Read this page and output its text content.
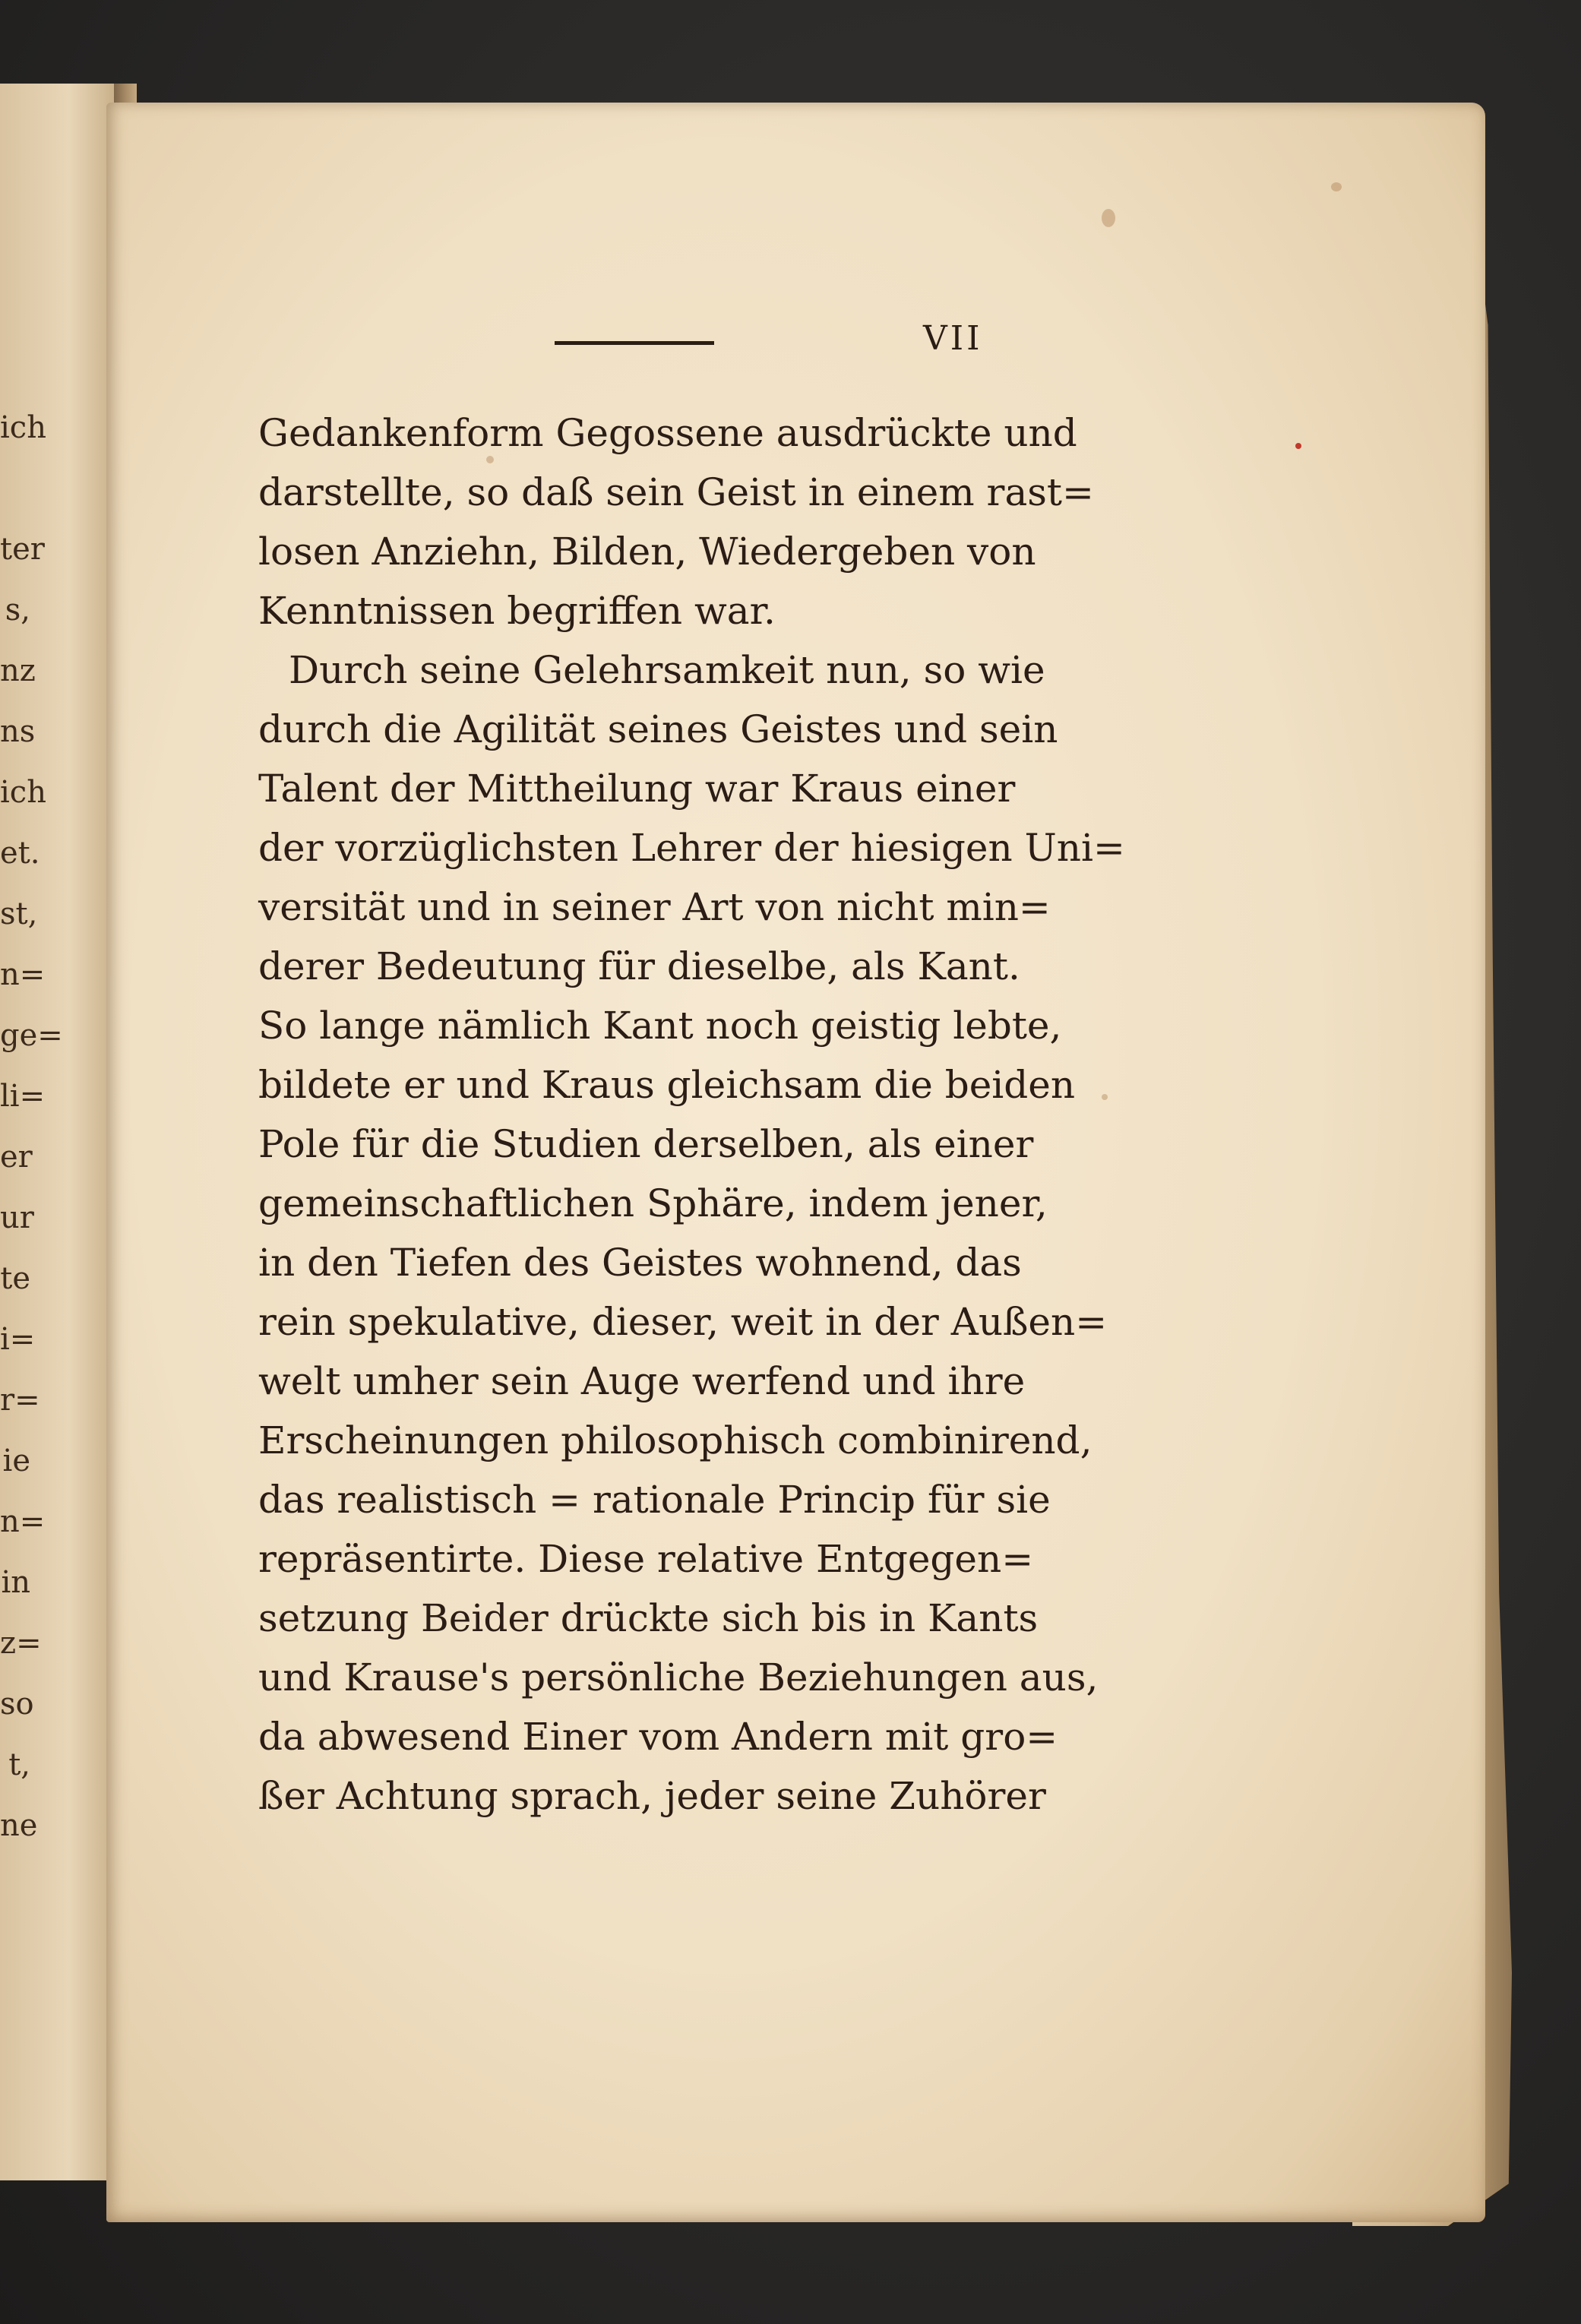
ich
ter
s,
nz
ns
ich
et.
st,
n=
ge=
li=
er
ur
te
i=
r=
ie
n=
in
z=
so
t,
ne
VII
Gedankenform Gegossene ausdrückte und
darstellte, so daß sein Geist in einem rast=
losen Anziehn, Bilden, Wiedergeben von
Kenntnissen begriffen war.
Durch seine Gelehrsamkeit nun, so wie
durch die Agilität seines Geistes und sein
Talent der Mittheilung war Kraus einer
der vorzüglichsten Lehrer der hiesigen Uni=
versität und in seiner Art von nicht min=
derer Bedeutung für dieselbe, als Kant.
So lange nämlich Kant noch geistig lebte,
bildete er und Kraus gleichsam die beiden
Pole für die Studien derselben, als einer
gemeinschaftlichen Sphäre, indem jener,
in den Tiefen des Geistes wohnend, das
rein spekulative, dieser, weit in der Außen=
welt umher sein Auge werfend und ihre
Erscheinungen philosophisch combinirend,
das realistisch = rationale Princip für sie
repräsentirte. Diese relative Entgegen=
setzung Beider drückte sich bis in Kants
und Krause's persönliche Beziehungen aus,
da abwesend Einer vom Andern mit gro=
ßer Achtung sprach, jeder seine Zuhörer
